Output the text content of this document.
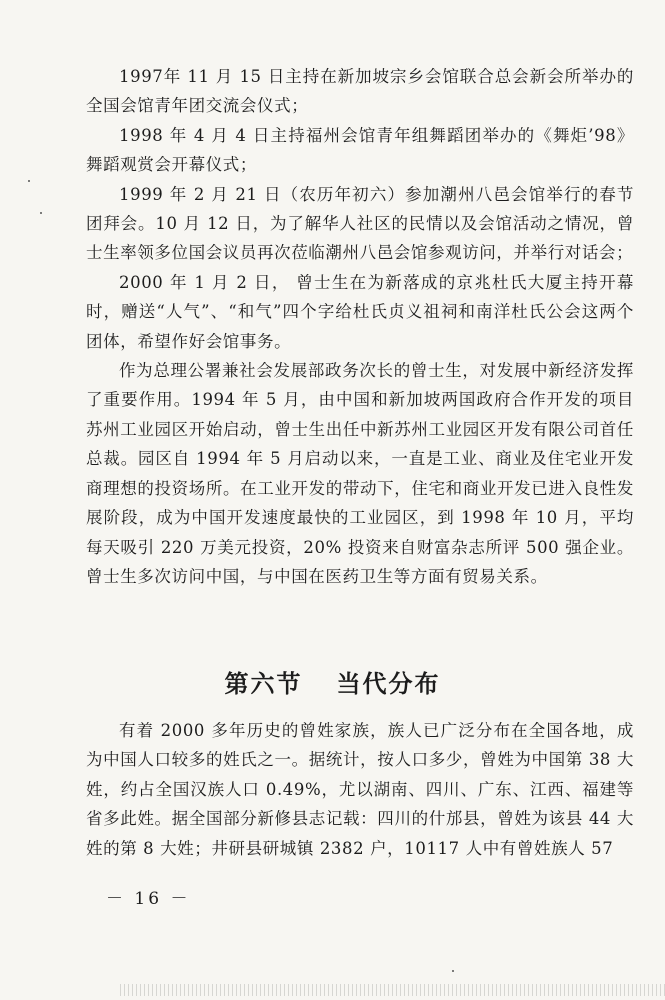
1997年 11 月 15 日主持在新加坡宗乡会馆联合总会新会所举办的全国会馆青年团交流会仪式；

1998 年 4 月 4 日主持福州会馆青年组舞蹈团举办的《舞炬’98》舞蹈观赏会开幕仪式；

1999 年 2 月 21 日（农历年初六）参加潮州八邑会馆举行的春节团拜会。10 月 12 日，为了解华人社区的民情以及会馆活动之情况，曾士生率领多位国会议员再次莅临潮州八邑会馆参观访问，并举行对话会；

2000 年 1 月 2 日， 曾士生在为新落成的京兆杜氏大厦主持开幕时，赠送“人气”、“和气”四个字给杜氏贞义祖祠和南洋杜氏公会这两个团体，希望作好会馆事务。

作为总理公署兼社会发展部政务次长的曾士生，对发展中新经济发挥了重要作用。1994 年 5 月，由中国和新加坡两国政府合作开发的项目苏州工业园区开始启动，曾士生出任中新苏州工业园区开发有限公司首任总裁。园区自 1994 年 5 月启动以来，一直是工业、商业及住宅业开发商理想的投资场所。在工业开发的带动下，住宅和商业开发已进入良性发展阶段，成为中国开发速度最快的工业园区，到 1998 年 10 月，平均每天吸引 220 万美元投资，20% 投资来自财富杂志所评 500 强企业。曾士生多次访问中国，与中国在医药卫生等方面有贸易关系。

第六节 当代分布

有着 2000 多年历史的曾姓家族，族人已广泛分布在全国各地，成为中国人口较多的姓氏之一。据统计，按人口多少，曾姓为中国第 38 大姓，约占全国汉族人口 0.49%，尤以湖南、四川、广东、江西、福建等省多此姓。据全国部分新修县志记载：四川的什邡县，曾姓为该县 44 大姓的第 8 大姓；井研县研城镇 2382 户，10117 人中有曾姓族人 57

－ 16 －
